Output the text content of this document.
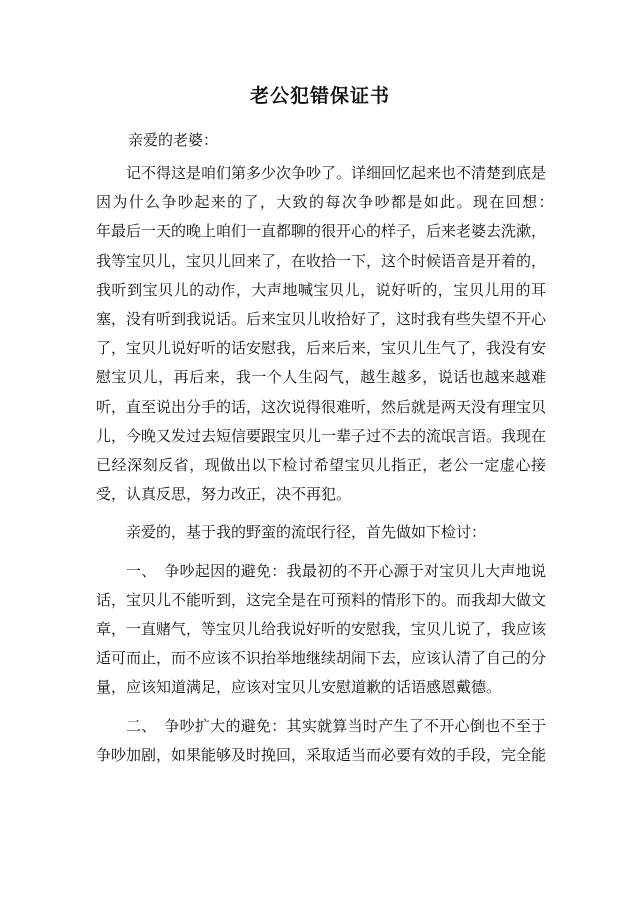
老公犯错保证书
亲爱的老婆：

记不得这是咱们第多少次争吵了。详细回忆起来也不清楚到底是因为什么争吵起来的了，大致的每次争吵都是如此。现在回想：　　年最后一天的晚上咱们一直都聊的很开心的样子，后来老婆去洗漱，我等宝贝儿，宝贝儿回来了，在收拾一下，这个时候语音是开着的，我听到宝贝儿的动作，大声地喊宝贝儿，说好听的，宝贝儿用的耳塞，没有听到我说话。后来宝贝儿收拾好了，这时我有些失望不开心了，宝贝儿说好听的话安慰我，后来后来，宝贝儿生气了，我没有安慰宝贝儿，再后来，我一个人生闷气，越生越多，说话也越来越难听，直至说出分手的话，这次说得很难听，然后就是两天没有理宝贝儿，今晚又发过去短信要跟宝贝儿一辈子过不去的流氓言语。我现在已经深刻反省，现做出以下检讨希望宝贝儿指正，老公一定虚心接受，认真反思，努力改正，决不再犯。

亲爱的，基于我的野蛮的流氓行径，首先做如下检讨：

一、　争吵起因的避免：我最初的不开心源于对宝贝儿大声地说话，宝贝儿不能听到，这完全是在可预料的情形下的。而我却大做文章，一直赌气，等宝贝儿给我说好听的安慰我，宝贝儿说了，我应该适可而止，而不应该不识抬举地继续胡闹下去，应该认清了自己的分量，应该知道满足，应该对宝贝儿安慰道歉的话语感恩戴德。

二、　争吵扩大的避免：其实就算当时产生了不开心倒也不至于争吵加剧，如果能够及时挽回，采取适当而必要有效的手段，完全能
